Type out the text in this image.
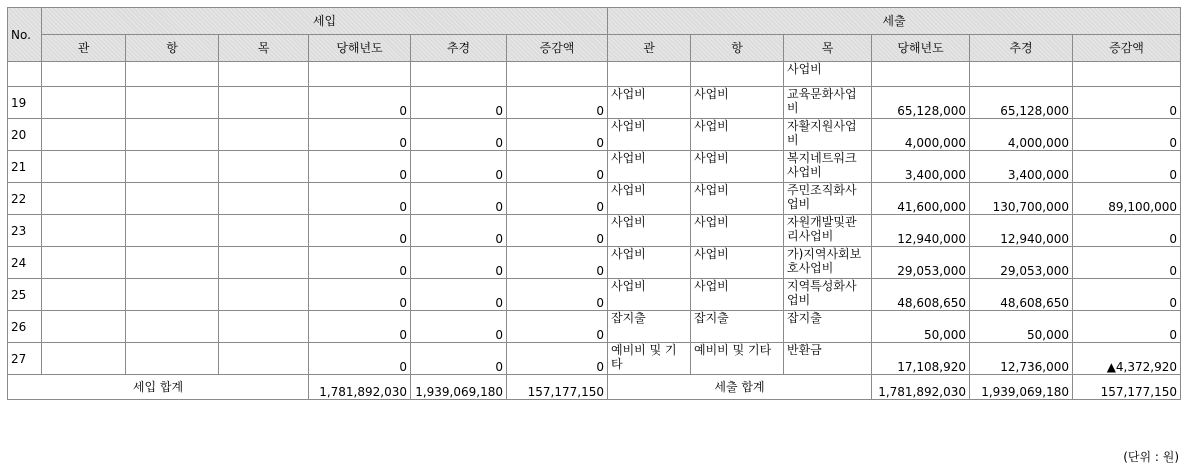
No.	세입						세출					
	관	항	목	당해년도	추경	증감액	관	항	목	당해년도	추경	증감액
									사업비			
19				0	0	0	사업비	사업비	교육문화사업비	65,128,000	65,128,000	0
20				0	0	0	사업비	사업비	자활지원사업비	4,000,000	4,000,000	0
21				0	0	0	사업비	사업비	복지네트워크사업비	3,400,000	3,400,000	0
22				0	0	0	사업비	사업비	주민조직화사업비	41,600,000	130,700,000	89,100,000
23				0	0	0	사업비	사업비	자원개발및관리사업비	12,940,000	12,940,000	0
24				0	0	0	사업비	사업비	가)지역사회보호사업비	29,053,000	29,053,000	0
25				0	0	0	사업비	사업비	지역특성화사업비	48,608,650	48,608,650	0
26				0	0	0	잡지출	잡지출	잡지출	50,000	50,000	0
27				0	0	0	예비비 및 기타	예비비 및 기타	반환금	17,108,920	12,736,000	▲4,372,920
세입 합계				1,781,892,030	1,939,069,180	157,177,150	세출 합계			1,781,892,030	1,939,069,180	157,177,150
(단위 : 원)
